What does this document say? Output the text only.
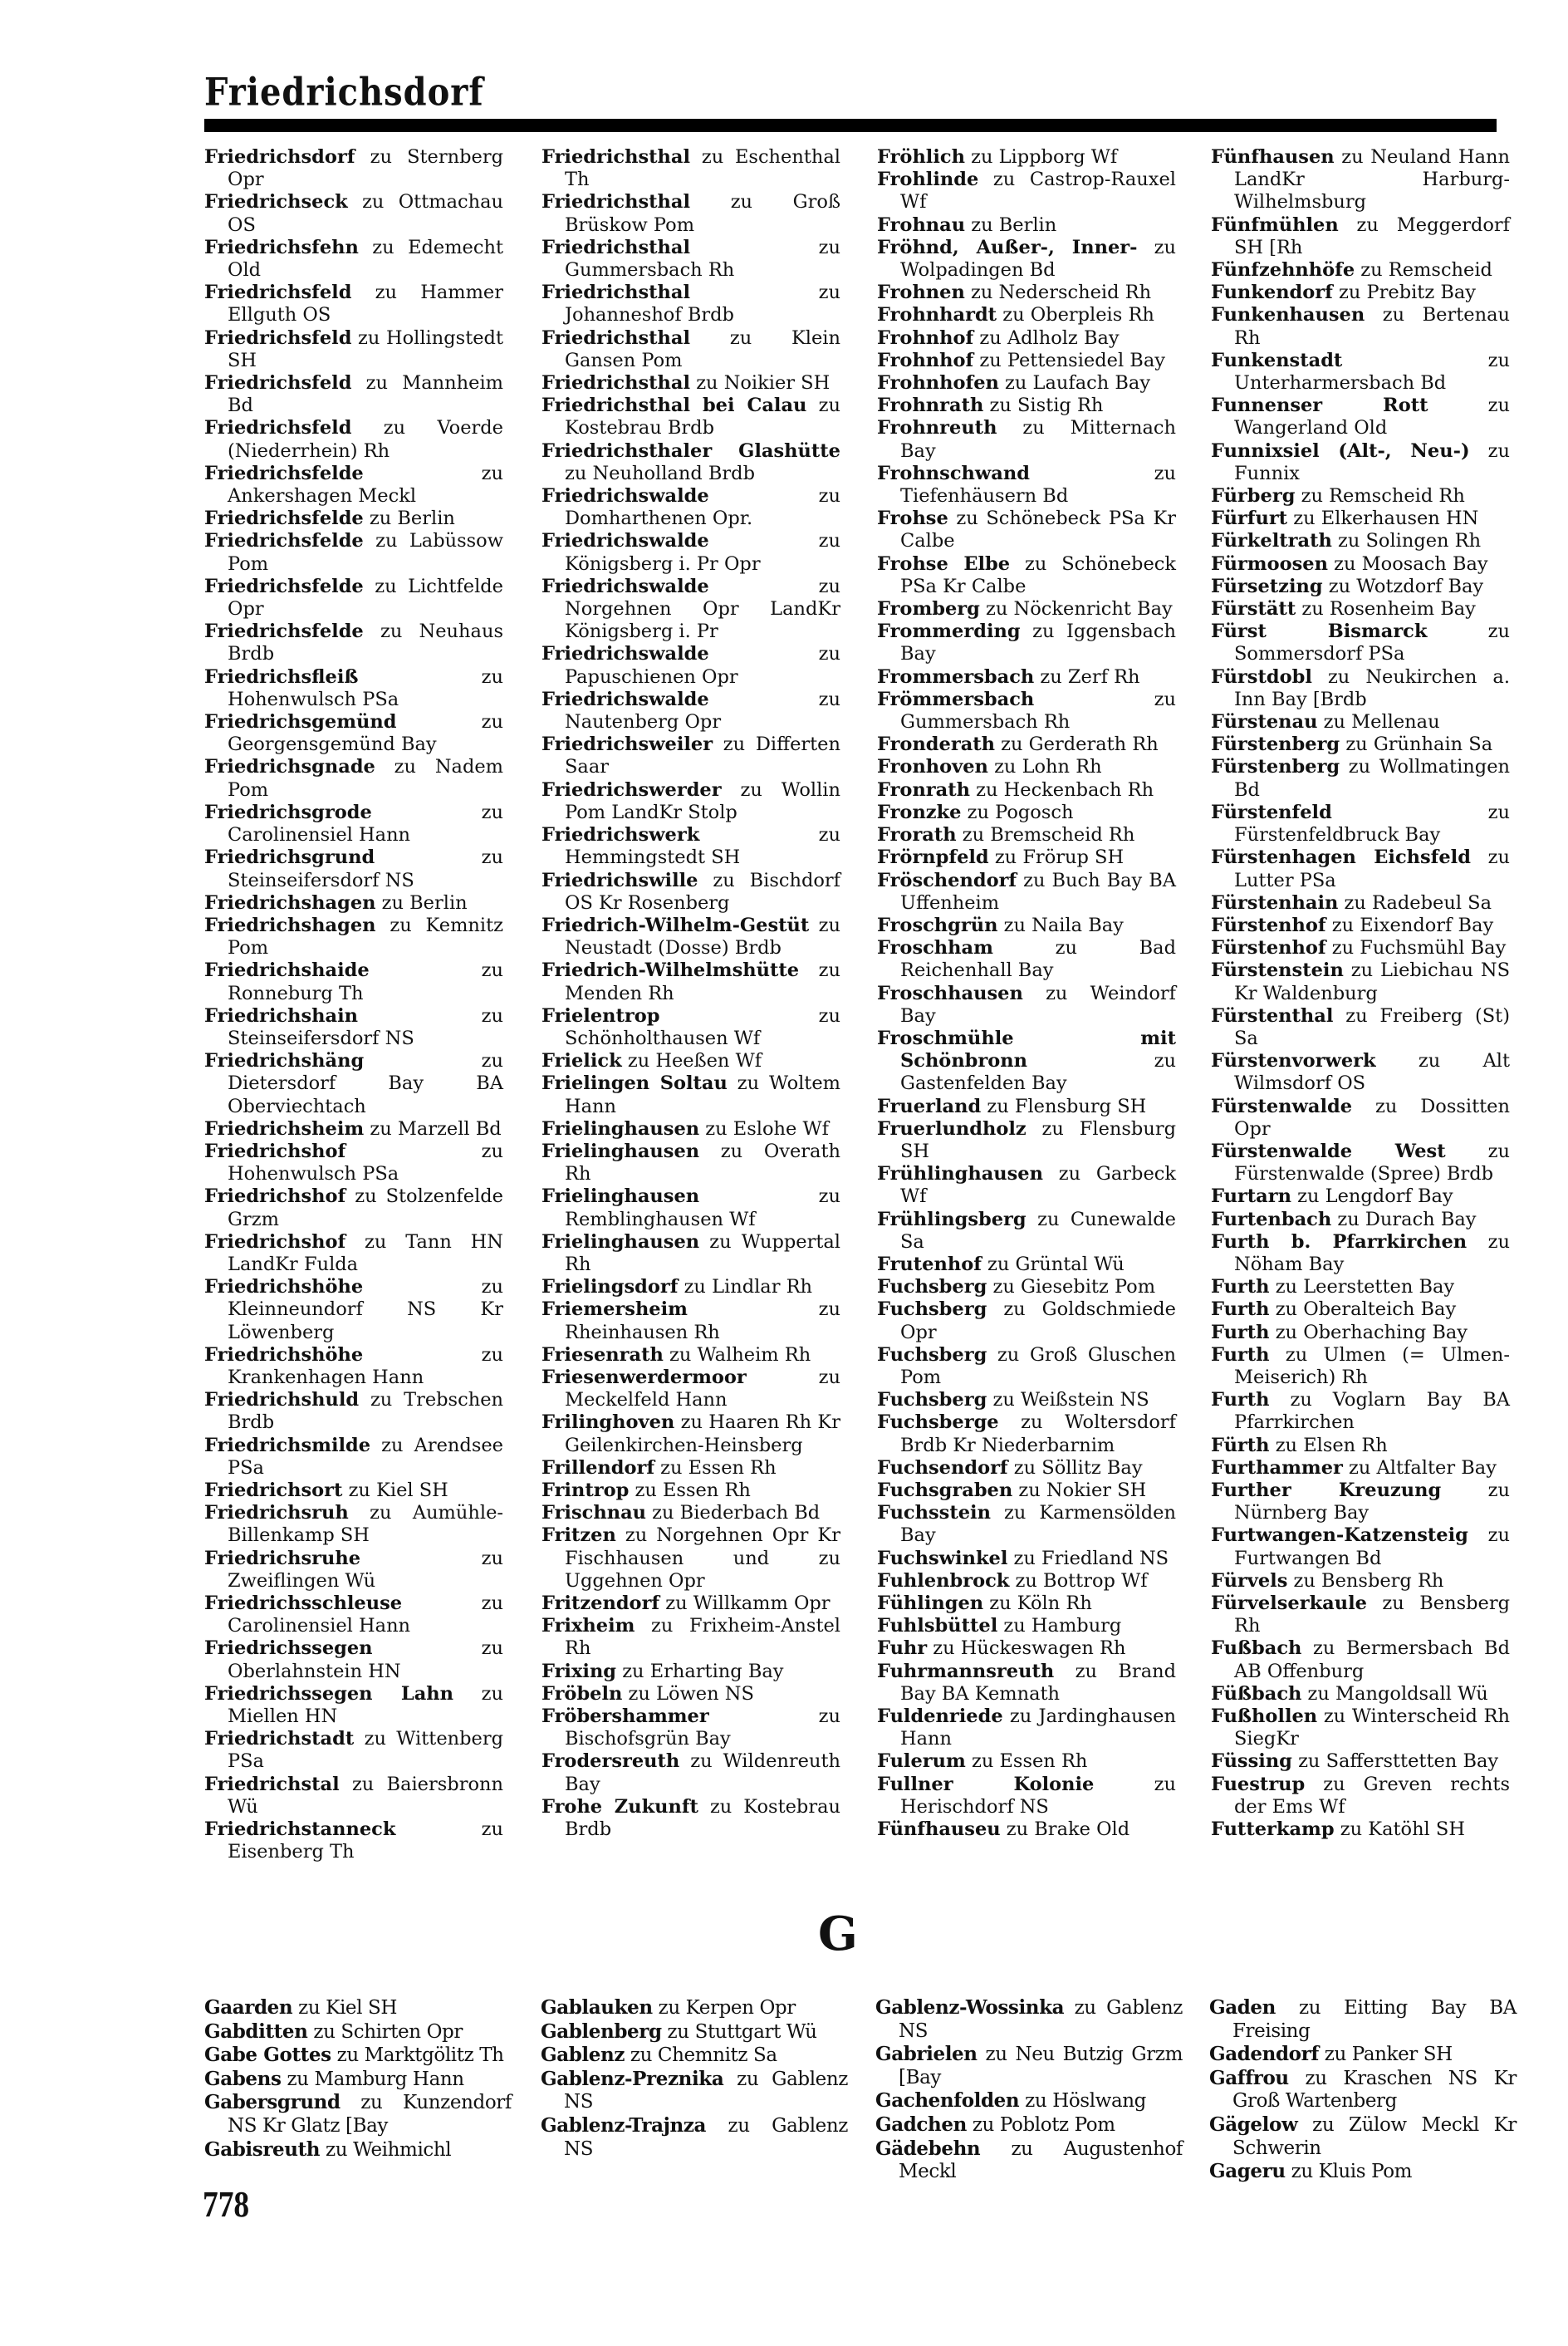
Friedrichsdorf

Friedrichsdorf zu Sternberg Opr

Friedrichseck zu Ottmachau OS

Friedrichsfehn zu Edemecht Old

Friedrichsfeld zu Hammer Ellguth OS

Friedrichsfeld zu Hollingstedt SH

Friedrichsfeld zu Mannheim Bd

Friedrichsfeld zu Voerde (Niederrhein) Rh

Friedrichsfelde zu Ankershagen Meckl

Friedrichsfelde zu Berlin

Friedrichsfelde zu Labüssow Pom

Friedrichsfelde zu Lichtfelde Opr

Friedrichsfelde zu Neuhaus Brdb

Friedrichsfleiß zu Hohenwulsch PSa

Friedrichsgemünd zu Georgensgemünd Bay

Friedrichsgnade zu Nadem Pom

Friedrichsgrode zu Carolinensiel Hann

Friedrichsgrund zu Steinseifersdorf NS

Friedrichshagen zu Berlin

Friedrichshagen zu Kemnitz Pom

Friedrichshaide zu Ronneburg Th

Friedrichshain zu Steinseifersdorf NS

Friedrichshäng zu Dietersdorf Bay BA Oberviechtach

Friedrichsheim zu Marzell Bd

Friedrichshof zu Hohenwulsch PSa

Friedrichshof zu Stolzenfelde Grzm

Friedrichshof zu Tann HN LandKr Fulda

Friedrichshöhe zu Kleinneundorf NS Kr Löwenberg

Friedrichshöhe zu Krankenhagen Hann

Friedrichshuld zu Trebschen Brdb

Friedrichsmilde zu Arendsee PSa

Friedrichsort zu Kiel SH

Friedrichsruh zu Aumühle-Billenkamp SH

Friedrichsruhe zu Zweiflingen Wü

Friedrichsschleuse zu Carolinensiel Hann

Friedrichssegen zu Oberlahnstein HN

Friedrichssegen Lahn zu Miellen HN

Friedrichstadt zu Wittenberg PSa

Friedrichstal zu Baiersbronn Wü

Friedrichstanneck zu Eisenberg Th

Friedrichsthal zu Eschenthal Th

Friedrichsthal zu Groß Brüskow Pom

Friedrichsthal zu Gummersbach Rh

Friedrichsthal zu Johanneshof Brdb

Friedrichsthal zu Klein Gansen Pom

Friedrichsthal zu Noikier SH

Friedrichsthal bei Calau zu Kostebrau Brdb

Friedrichsthaler Glashütte zu Neuholland Brdb

Friedrichswalde zu Domharthenen Opr.

Friedrichswalde zu Königsberg i. Pr Opr

Friedrichswalde zu Norgehnen Opr LandKr Königsberg i. Pr

Friedrichswalde zu Papuschienen Opr

Friedrichswalde zu Nautenberg Opr

Friedrichsweiler zu Differten Saar

Friedrichswerder zu Wollin Pom LandKr Stolp

Friedrichswerk zu Hemmingstedt SH

Friedrichswille zu Bischdorf OS Kr Rosenberg

Friedrich-Wilhelm-Gestüt zu Neustadt (Dosse) Brdb

Friedrich-Wilhelmshütte zu Menden Rh

Frielentrop zu Schönholthausen Wf

Frielick zu Heeßen Wf

Frielingen Soltau zu Woltem Hann

Frielinghausen zu Eslohe Wf

Frielinghausen zu Overath Rh

Frielinghausen zu Remblinghausen Wf

Frielinghausen zu Wuppertal Rh

Frielingsdorf zu Lindlar Rh

Friemersheim zu Rheinhausen Rh

Friesenrath zu Walheim Rh

Friesenwerdermoor zu Meckelfeld Hann

Frilinghoven zu Haaren Rh Kr Geilenkirchen-Heinsberg

Frillendorf zu Essen Rh

Frintrop zu Essen Rh

Frischnau zu Biederbach Bd

Fritzen zu Norgehnen Opr Kr Fischhausen und zu Uggehnen Opr

Fritzendorf zu Willkamm Opr

Frixheim zu Frixheim-Anstel Rh

Frixing zu Erharting Bay

Fröbeln zu Löwen NS

Fröbershammer zu Bischofsgrün Bay

Frodersreuth zu Wildenreuth Bay

Frohe Zukunft zu Kostebrau Brdb

Fröhlich zu Lippborg Wf

Frohlinde zu Castrop-Rauxel Wf

Frohnau zu Berlin

Fröhnd, Außer-, Inner- zu Wolpadingen Bd

Frohnen zu Nederscheid Rh

Frohnhardt zu Oberpleis Rh

Frohnhof zu Adlholz Bay

Frohnhof zu Pettensiedel Bay

Frohnhofen zu Laufach Bay

Frohnrath zu Sistig Rh

Frohnreuth zu Mitternach Bay

Frohnschwand zu Tiefenhäusern Bd

Frohse zu Schönebeck PSa Kr Calbe

Frohse Elbe zu Schönebeck PSa Kr Calbe

Fromberg zu Nöckenricht Bay

Frommerding zu Iggensbach Bay

Frommersbach zu Zerf Rh

Frömmersbach zu Gummersbach Rh

Fronderath zu Gerderath Rh

Fronhoven zu Lohn Rh

Fronrath zu Heckenbach Rh

Fronzke zu Pogosch

Frorath zu Bremscheid Rh

Frörnpfeld zu Frörup SH

Fröschendorf zu Buch Bay BA Uffenheim

Froschgrün zu Naila Bay

Froschham zu Bad Reichenhall Bay

Froschhausen zu Weindorf Bay

Froschmühle mit Schönbronn zu Gastenfelden Bay

Fruerland zu Flensburg SH

Fruerlundholz zu Flensburg SH

Frühlinghausen zu Garbeck Wf

Frühlingsberg zu Cunewalde Sa

Frutenhof zu Grüntal Wü

Fuchsberg zu Giesebitz Pom

Fuchsberg zu Goldschmiede Opr

Fuchsberg zu Groß Gluschen Pom

Fuchsberg zu Weißstein NS

Fuchsberge zu Woltersdorf Brdb Kr Niederbarnim

Fuchsendorf zu Söllitz Bay

Fuchsgraben zu Nokier SH

Fuchsstein zu Karmensölden Bay

Fuchswinkel zu Friedland NS

Fuhlenbrock zu Bottrop Wf

Fühlingen zu Köln Rh

Fuhlsbüttel zu Hamburg

Fuhr zu Hückeswagen Rh

Fuhrmannsreuth zu Brand Bay BA Kemnath

Fuldenriede zu Jardinghausen Hann

Fulerum zu Essen Rh

Fullner Kolonie zu Herischdorf NS

Fünfhauseu zu Brake Old

Fünfhausen zu Neuland Hann LandKr Harburg-Wilhelmsburg

Fünfmühlen zu Meggerdorf SH [Rh

Fünfzehnhöfe zu Remscheid

Funkendorf zu Prebitz Bay

Funkenhausen zu Bertenau Rh

Funkenstadt zu Unterharmersbach Bd

Funnenser Rott zu Wangerland Old

Funnixsiel (Alt-, Neu-) zu Funnix

Fürberg zu Remscheid Rh

Fürfurt zu Elkerhausen HN

Fürkeltrath zu Solingen Rh

Fürmoosen zu Moosach Bay

Fürsetzing zu Wotzdorf Bay

Fürstätt zu Rosenheim Bay

Fürst Bismarck zu Sommersdorf PSa

Fürstdobl zu Neukirchen a. Inn Bay [Brdb

Fürstenau zu Mellenau

Fürstenberg zu Grünhain Sa

Fürstenberg zu Wollmatingen Bd

Fürstenfeld zu Fürstenfeldbruck Bay

Fürstenhagen Eichsfeld zu Lutter PSa

Fürstenhain zu Radebeul Sa

Fürstenhof zu Eixendorf Bay

Fürstenhof zu Fuchsmühl Bay

Fürstenstein zu Liebichau NS Kr Waldenburg

Fürstenthal zu Freiberg (St) Sa

Fürstenvorwerk zu Alt Wilmsdorf OS

Fürstenwalde zu Dossitten Opr

Fürstenwalde West zu Fürstenwalde (Spree) Brdb

Furtarn zu Lengdorf Bay

Furtenbach zu Durach Bay

Furth b. Pfarrkirchen zu Nöham Bay

Furth zu Leerstetten Bay

Furth zu Oberalteich Bay

Furth zu Oberhaching Bay

Furth zu Ulmen (= Ulmen-Meiserich) Rh

Furth zu Voglarn Bay BA Pfarrkirchen

Fürth zu Elsen Rh

Furthammer zu Altfalter Bay

Further Kreuzung zu Nürnberg Bay

Furtwangen-Katzensteig zu Furtwangen Bd

Fürvels zu Bensberg Rh

Fürvelserkaule zu Bensberg Rh

Fußbach zu Bermersbach Bd AB Offenburg

Füßbach zu Mangoldsall Wü

Fußhollen zu Winterscheid Rh SiegKr

Füssing zu Saffersttetten Bay

Fuestrup zu Greven rechts der Ems Wf

Futterkamp zu Katöhl SH

G

Gaarden zu Kiel SH

Gabditten zu Schirten Opr

Gabe Gottes zu Marktgölitz Th

Gabens zu Mamburg Hann

Gabersgrund zu Kunzendorf NS Kr Glatz [Bay

Gabisreuth zu Weihmichl

Gablauken zu Kerpen Opr

Gablenberg zu Stuttgart Wü

Gablenz zu Chemnitz Sa

Gablenz-Preznika zu Gablenz NS

Gablenz-Trajnza zu Gablenz NS

Gablenz-Wossinka zu Gablenz NS

Gabrielen zu Neu Butzig Grzm [Bay

Gachenfolden zu Höslwang

Gadchen zu Poblotz Pom

Gädebehn zu Augustenhof Meckl

Gaden zu Eitting Bay BA Freising

Gadendorf zu Panker SH

Gaffrou zu Kraschen NS Kr Groß Wartenberg

Gägelow zu Zülow Meckl Kr Schwerin

Gageru zu Kluis Pom

778
